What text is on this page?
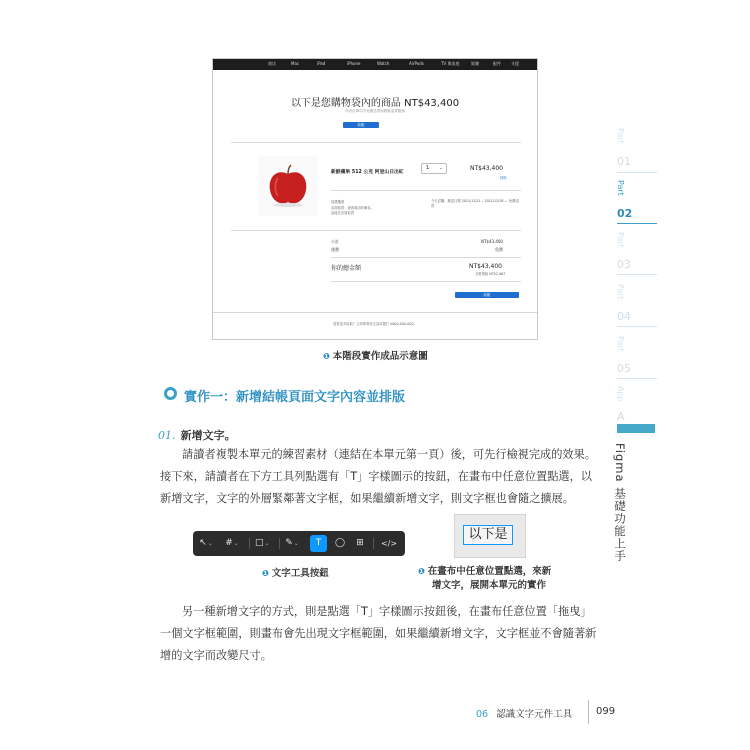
商店	Mac	iPad	iPhone	Watch	AirPods	TV 與家庭	娛樂	配件	支援
以下是您購物袋內的商品 NT$43,400
所有訂單均享免費送貨與輕鬆退貨服務
結帳
新鮮蘋果 512 公克 阿里山日出紅
1 ⌄	NT$43,400
移除
送禮選項
店面取貨：查看商店的庫存。
直接在店面取貨
今天訂購，遞送日期 2021/12/21 – 2021/12/28 — 免費送貨
小計	NT$43,400
運費	免費
你的總金額	NT$43,400
含營業稅 NT$2,067
結帳
需要更多協助？立即與專家交談或撥打 0800-000-000。
❶ 本階段實作成品示意圖
Part
01
Part
02
Part
03
Part
04
Part
05
App
A
Figma 基礎功能上手
實作一：新增結帳頁面文字內容並排版
01. 新增文字。

請讀者複製本單元的練習素材（連結在本單元第一頁）後，可先行檢視完成的效果。接下來，請讀者在下方工具列點選有「T」字樣圖示的按鈕，在畫布中任意位置點選，以新增文字，文字的外層緊鄰著文字框，如果繼續新增文字，則文字框也會隨之擴展。

↖⌄ #⌄ □⌄ ✎⌄	T	◯	⊞	</>
以下是
❶ 文字工具按鈕	❶ 在畫布中任意位置點選，來新
增文字，展開本單元的實作

另一種新增文字的方式，則是點選「T」字樣圖示按鈕後，在畫布任意位置「拖曳」一個文字框範圍，則畫布會先出現文字框範圍，如果繼續新增文字，文字框並不會隨著新增的文字而改變尺寸。

06 認識文字元件工具 099
